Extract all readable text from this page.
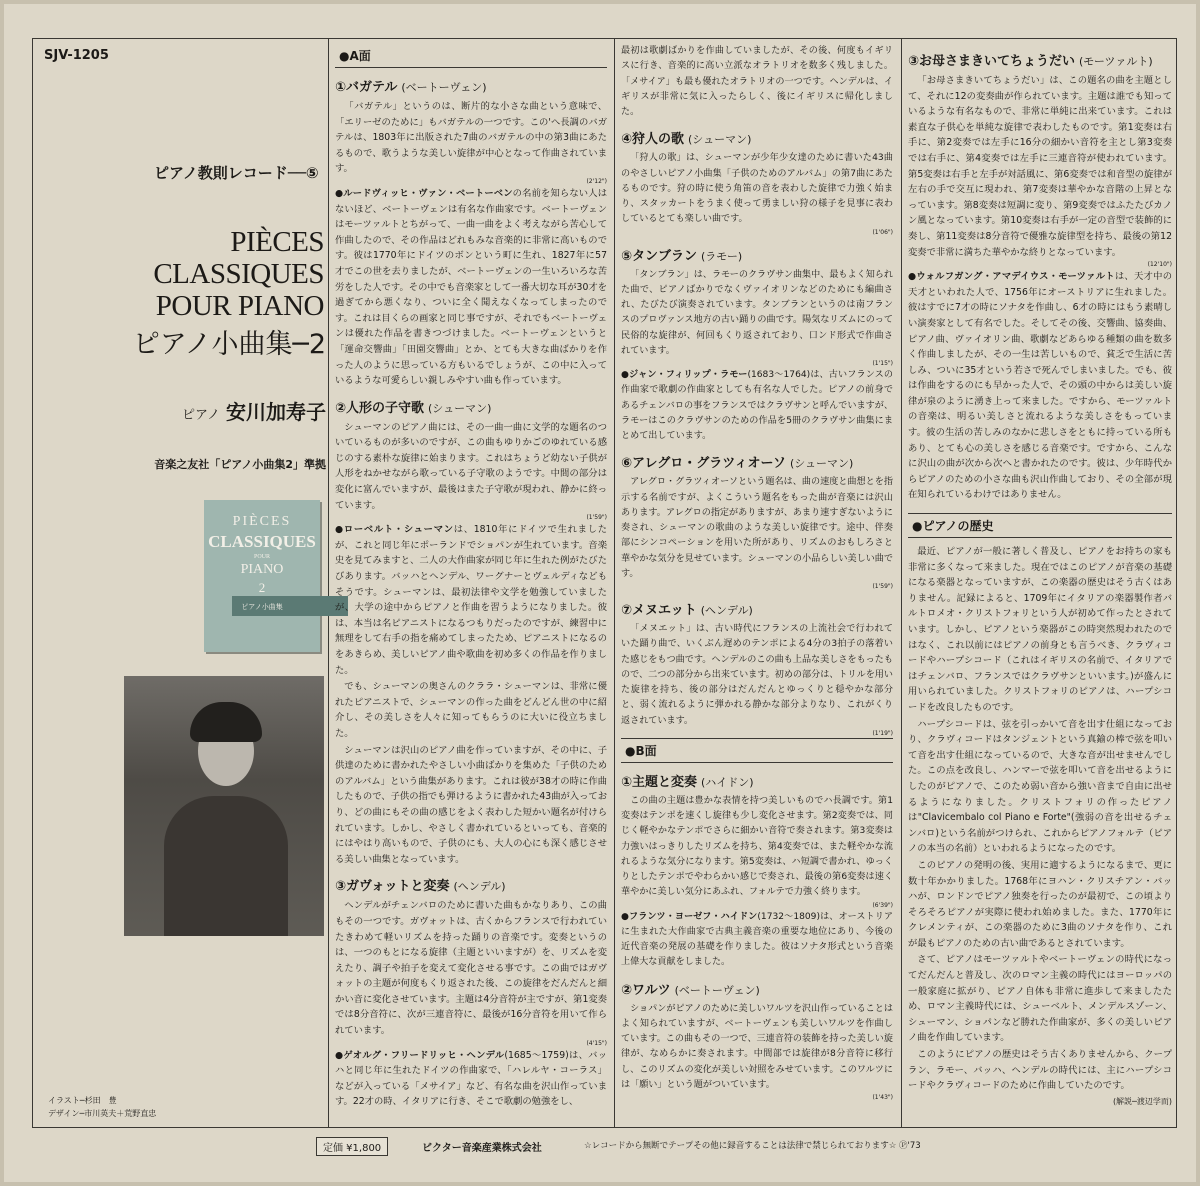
SJV-1205
ピアノ教則レコード──⑤
PIÈCES CLASSIQUES
POUR PIANO
ピアノ小曲集─2
ピアノ 安川加寿子
音楽之友社「ピアノ小曲集2」準拠
PIÈCES
CLASSIQUES
POUR
PIANO
2
ピアノ小曲集
イラスト─杉田　豊
デザイン─市川英夫＋荒野直忠
●A面
①バガテル (ベートーヴェン)

「バガテル」というのは、断片的な小さな曲という意味で、「エリーゼのために」もバガテルの一つです。この'へ長調のバガテルは、1803年に出版された7曲のバガテルの中の第3曲にあたるもので、歌うような美しい旋律が中心となって作曲されています。

(2'12")

●ルードヴィッヒ・ヴァン・ベートーベンの名前を知らない人はないほど、ベートーヴェンは有名な作曲家です。ベートーヴェンはモーツァルトとちがって、一曲一曲をよく考えながら苦心して作曲したので、その作品はどれもみな音楽的に非常に高いものです。彼は1770年にドイツのボンという町に生れ、1827年に57才でこの世を去りましたが、ベートーヴェンの一生いろいろな苦労をした人です。その中でも音楽家として一番大切な耳が30才を過ぎてから悪くなり、ついに全く聞えなくなってしまったのです。これは目くらの画家と同じ事ですが、それでもベートーヴェンは優れた作品を書きつづけました。ベートーヴェンというと「運命交響曲」「田園交響曲」とか、とても大きな曲ばかりを作った人のように思っている方もいるでしょうが、この中に入っているような可愛らしい親しみやすい曲も作っています。

②人形の子守歌 (シューマン)

シューマンのピアノ曲には、その一曲一曲に文学的な題名のついているものが多いのですが、この曲もゆりかごのゆれている感じのする素朴な旋律に始まります。これはちょうど幼ない子供が人形をねかせながら歌っている子守歌のようです。中間の部分は変化に富んでいますが、最後はまた子守歌が現われ、静かに終っています。

(1'59")

●ローベルト・シューマンは、1810年にドイツで生れましたが、これと同じ年にポーランドでショパンが生れています。音楽史を見てみますと、二人の大作曲家が同じ年に生れた例がたびたびあります。バッハとヘンデル、ワーグナーとヴェルディなどもそうです。シューマンは、最初法律や文学を勉強していましたが、大学の途中からピアノと作曲を習うようになりました。彼は、本当は名ピアニストになるつもりだったのですが、練習中に無理をして右手の指を痛めてしまったため、ピアニストになるのをあきらめ、美しいピアノ曲や歌曲を初め多くの作品を作りました。

でも、シューマンの奥さんのクララ・シューマンは、非常に優れたピアニストで、シューマンの作った曲をどんどん世の中に紹介し、その美しさを人々に知ってもらうのに大いに役立ちました。

シューマンは沢山のピアノ曲を作っていますが、その中に、子供達のために書かれたやさしい小曲ばかりを集めた「子供のためのアルバム」という曲集があります。これは彼が38才の時に作曲したもので、子供の指でも弾けるように書かれた43曲が入っており、どの曲にもその曲の感じをよく表わした短かい題名が付けられています。しかし、やさしく書かれているといっても、音楽的にはやはり高いもので、子供のにも、大人の心にも深く感じさせる美しい曲集となっています。

③ガヴォットと変奏 (ヘンデル)

ヘンデルがチェンバロのために書いた曲もかなりあり、この曲もその一つです。ガヴォットは、古くからフランスで行われていたきわめて軽いリズムを持った踊りの音楽です。変奏というのは、一つのもとになる旋律（主題といいますが）を、リズムを変えたり、調子や拍子を変えて変化させる事です。この曲ではガヴォットの主題が何度もくり返された後、この旋律をだんだんと細かい音に変化させています。主題は4分音符が主ですが、第1変奏では8分音符に、次が三連音符に、最後が16分音符を用いて作られています。

(4'15")

●ゲオルグ・フリードリッヒ・ヘンデル(1685～1759)は、バッハと同じ年に生れたドイツの作曲家で、「ハレルヤ・コーラス」などが入っている「メサイア」など、有名な曲を沢山作っています。22才の時、イタリアに行き、そこで歌劇の勉強をし、

最初は歌劇ばかりを作曲していましたが、その後、何度もイギリスに行き、音楽的に高い立派なオラトリオを数多く残しました。「メサイア」も最も優れたオラトリオの一つです。ヘンデルは、イギリスが非常に気に入ったらしく、後にイギリスに帰化しました。

④狩人の歌 (シューマン)

「狩人の歌」は、シューマンが少年少女達のために書いた43曲のやさしいピアノ小曲集「子供のためのアルバム」の第7曲にあたるものです。狩の時に使う角笛の音を表わした旋律で力強く始まり、スタッカートをうまく使って勇ましい狩の様子を見事に表わしているとても楽しい曲です。

(1'06")
⑤タンブラン (ラモー)

「タンブラン」は、ラモーのクラヴサン曲集中、最もよく知られた曲で、ピアノばかりでなくヴァイオリンなどのためにも編曲され、たびたび演奏されています。タンブランというのは南フランスのプロヴァンス地方の古い踊りの曲です。陽気なリズムにのって民俗的な旋律が、何回もくり返されており、口ンド形式で作曲されています。

(1'15")

●ジャン・フィリップ・ラモー(1683～1764)は、古いフランスの作曲家で歌劇の作曲家としても有名な人でした。ピアノの前身であるチェンバロの事をフランスではクラヴサンと呼んでいますが、ラモーはこのクラヴサンのための作品を5冊のクラヴサン曲集にまとめて出しています。

⑥アレグロ・グラツィオーソ (シューマン)

アレグロ・グラツィオーソという題名は、曲の速度と曲想とを指示する名前ですが、よくこういう題名をもった曲が音楽には沢山あります。アレグロの指定がありますが、あまり速すぎないように奏され、シューマンの歌曲のような美しい旋律です。途中、伴奏部にシンコペーションを用いた所があり、リズムのおもしろさと華やかな気分を見せています。シューマンの小品らしい美しい曲です。

(1'59")
⑦メヌエット (ヘンデル)

「メヌエット」は、古い時代にフランスの上流社会で行われていた踊り曲で、いくぶん遅めのテンポによる4分の3拍子の落着いた感じをもつ曲です。ヘンデルのこの曲も上品な美しさをもったもので、二つの部分から出来ています。初めの部分は、トリルを用いた旋律を持ち、後の部分はだんだんとゆっくりと穏やかな部分と、弱く流れるように弾かれる静かな部分よりなり、これがくり返されています。

(1'19")
●B面
①主題と変奏 (ハイドン)

この曲の主題は豊かな表情を持つ美しいものでハ長調です。第1変奏はテンポを速くし旋律も少し変化させます。第2変奏では、同じく軽やかなテンポでさらに細かい音符で奏されます。第3変奏は力強いはっきりしたリズムを持ち、第4変奏では、また軽やかな流れるような気分になります。第5変奏は、ハ短調で書かれ、ゆっくりとしたテンポでやわらかい感じで奏され、最後の第6変奏は速く華やかに美しい気分にあふれ、フォルテで力強く終ります。

(6'39")

●フランツ・ヨーゼフ・ハイドン(1732～1809)は、オーストリアに生まれた大作曲家で古典主義音楽の重要な地位にあり、今後の近代音楽の発展の基礎を作りました。彼はソナタ形式という音楽上偉大な貢献をしました。

②ワルツ (ベートーヴェン)

ショパンがピアノのために美しいワルツを沢山作っていることはよく知られていますが、ベートーヴェンも美しいワルツを作曲しています。この曲もその一つで、三連音符の装飾を持った美しい旋律が、なめらかに奏されます。中間部では旋律が8分音符に移行し、このリズムの変化が美しい対照をみせています。このワルツには「願い」という題がついています。

(1'43")
③お母さまきいてちょうだい (モーツァルト)

「お母さまきいてちょうだい」は、この題名の曲を主題として、それに12の変奏曲が作られています。主題は誰でも知っているような有名なもので、非常に単純に出来ています。これは素直な子供心を単純な旋律で表わしたものです。第1変奏は右手に、第2変奏では左手に16分の細かい音符を主とし第3変奏では右手に、第4変奏では左手に三連音符が使われています。第5変奏は右手と左手が対話風に、第6変奏では和音型の旋律が左右の手で交互に現われ、第7変奏は華やかな音階の上昇となっています。第8変奏は短調に変り、第9変奏ではふたたびカノン風となっています。第10変奏は右手が一定の音型で装飾的に奏し、第11変奏は8分音符で優雅な旋律型を持ち、最後の第12変奏で非常に満ちた華やかな終りとなっています。

(12'10")

●ウォルフガング・アマデイウス・モーツァルトは、天才中の天才といわれた人で、1756年にオーストリアに生れました。彼はすでに7才の時にソナタを作曲し、6才の時にはもう素晴しい演奏家として有名でした。そしてその後、交響曲、協奏曲、ピアノ曲、ヴァイオリン曲、歌劇などあらゆる種類の曲を数多く作曲しましたが、その一生は苦しいもので、貧乏で生活に苦しみ、ついに35才という若さで死んでしまいました。でも、彼は作曲をするのにも早かった人で、その頭の中からは美しい旋律が泉のように湧き上って来ました。ですから、モーツァルトの音楽は、明るい美しさと流れるような美しさをもっています。彼の生活の苦しみのなかに悲しさをともに持っている所もあり、とても心の美しさを感じる音楽です。ですから、こんなに沢山の曲が次から次へと書かれたのです。彼は、少年時代からピアノのための小さな曲も沢山作曲しており、その全部が現在知られているわけではありません。

●ピアノの歴史

最近、ピアノが一般に著しく普及し、ピアノをお持ちの家も非常に多くなって来ました。現在ではこのピアノが音楽の基礎になる楽器となっていますが、この楽器の歴史はそう古くはありません。記録によると、1709年にイタリアの楽器製作者バルトロメオ・クリストフォリという人が初めて作ったとされています。しかし、ピアノという楽器がこの時突然現われたのではなく、これ以前にはピアノの前身とも言うべき、クラヴィコードやハープシコード（これはイギリスの名前で、イタリアではチェンバロ、フランスではクラヴサンといいます。)が盛んに用いられていました。クリストフォリのピアノは、ハープシコードを改良したものです。

ハープシコードは、弦を引っかいて音を出す仕組になっており、クラヴィコードはタンジェントという真鍮の棒で弦を叩いて音を出す仕組になっているので、大きな音が出せませんでした。この点を改良し、ハンマーで弦を叩いて音を出せるようにしたのがピアノで、このため弱い音から強い音まで自由に出せるようになりました。クリストフォリの作ったピアノは"Clavicembalo col Piano e Forte"(強弱の音を出せるチェンバロ)という名前がつけられ、これからピアノフォルテ（ピアノの本当の名前）といわれるようになったのです。

このピアノの発明の後、実用に適するようになるまで、更に数十年かかりました。1768年にヨハン・クリスチアン・バッハが、ロンドンでピアノ独奏を行ったのが最初で、この頃よりそろそろピアノが実際に使われ始めました。また、1770年にクレメンティが、この楽器のために3曲のソナタを作り、これが最もピアノのための古い曲であるとされています。

さて、ピアノはモーツァルトやベートーヴェンの時代になってだんだんと普及し、次のロマン主義の時代にはヨーロッパの一般家庭に拡がり、ピアノ自体も非常に進歩して来ましたため、ロマン主義時代には、シューベルト、メンデルスゾーン、シューマン、ショパンなど勝れた作曲家が、多くの美しいピアノ曲を作曲しています。

このようにピアノの歴史はそう古くありませんから、クープラン、ラモー、バッハ、ヘンデルの時代には、主にハープシコードやクラヴィコードのために作曲していたのです。

(解説─渡辺学而)
定価 ¥1,800	ビクター音楽産業株式会社	☆レコードから無断でテープその他に録音することは法律で禁じられております☆ Ⓟ'73
